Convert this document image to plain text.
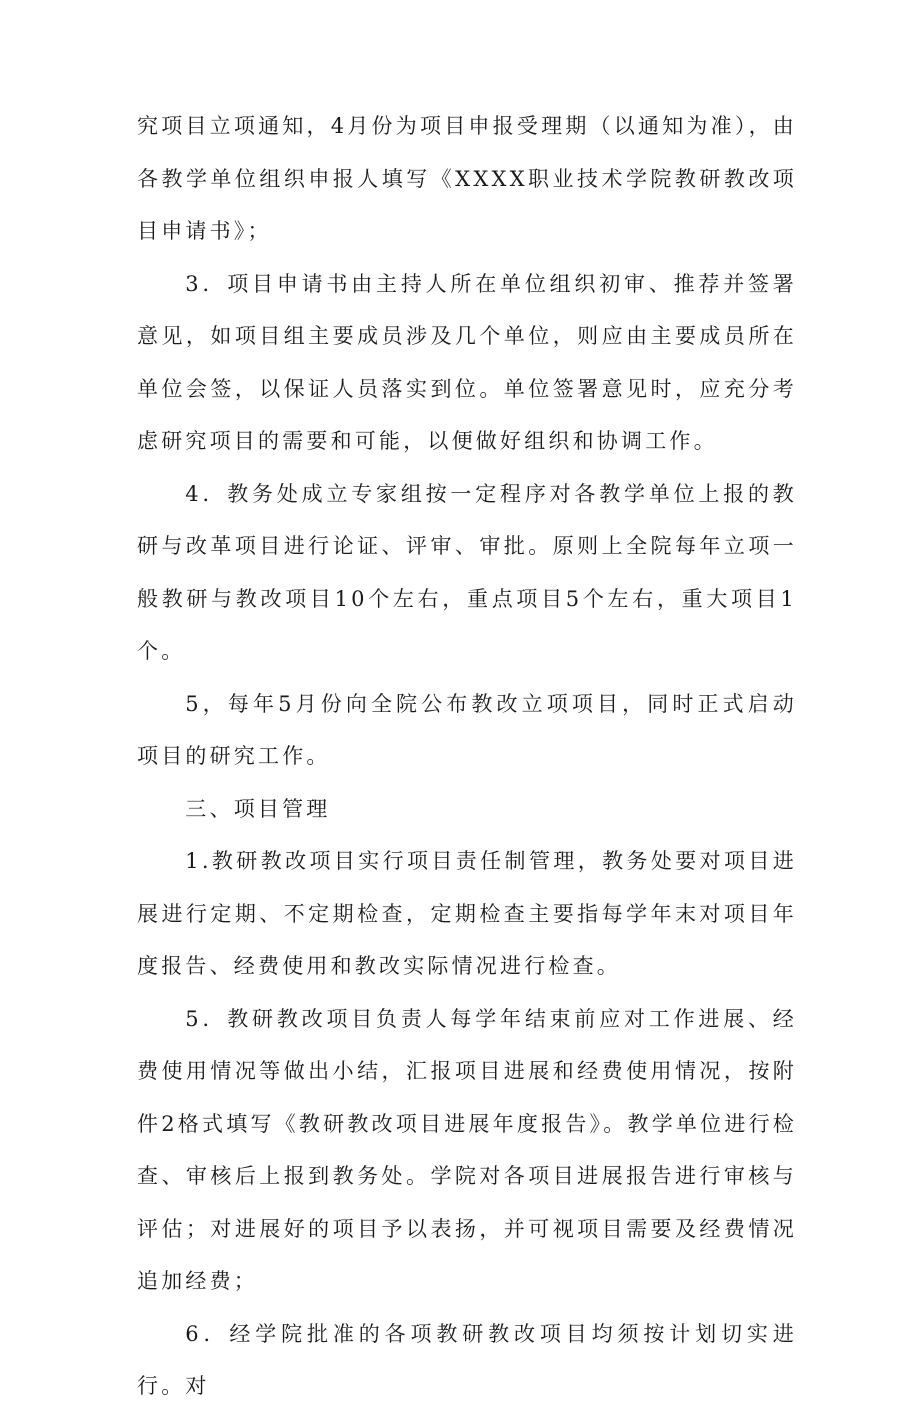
究项目立项通知，4月份为项目申报受理期（以通知为准），由各教学单位组织申报人填写《XXXX职业技术学院教研教改项目申请书》；

3．项目申请书由主持人所在单位组织初审、推荐并签署意见，如项目组主要成员涉及几个单位，则应由主要成员所在单位会签，以保证人员落实到位。单位签署意见时，应充分考虑研究项目的需要和可能，以便做好组织和协调工作。

4．教务处成立专家组按一定程序对各教学单位上报的教研与改革项目进行论证、评审、审批。原则上全院每年立项一般教研与教改项目10个左右，重点项目5个左右，重大项目1个。

5，每年5月份向全院公布教改立项项目，同时正式启动项目的研究工作。

三、项目管理

1.教研教改项目实行项目责任制管理，教务处要对项目进展进行定期、不定期检查，定期检查主要指每学年末对项目年度报告、经费使用和教改实际情况进行检查。

5．教研教改项目负责人每学年结束前应对工作进展、经费使用情况等做出小结，汇报项目进展和经费使用情况，按附件2格式填写《教研教改项目进展年度报告》。教学单位进行检查、审核后上报到教务处。学院对各项目进展报告进行审核与评估；对进展好的项目予以表扬，并可视项目需要及经费情况追加经费；

6．经学院批准的各项教研教改项目均须按计划切实进行。对
